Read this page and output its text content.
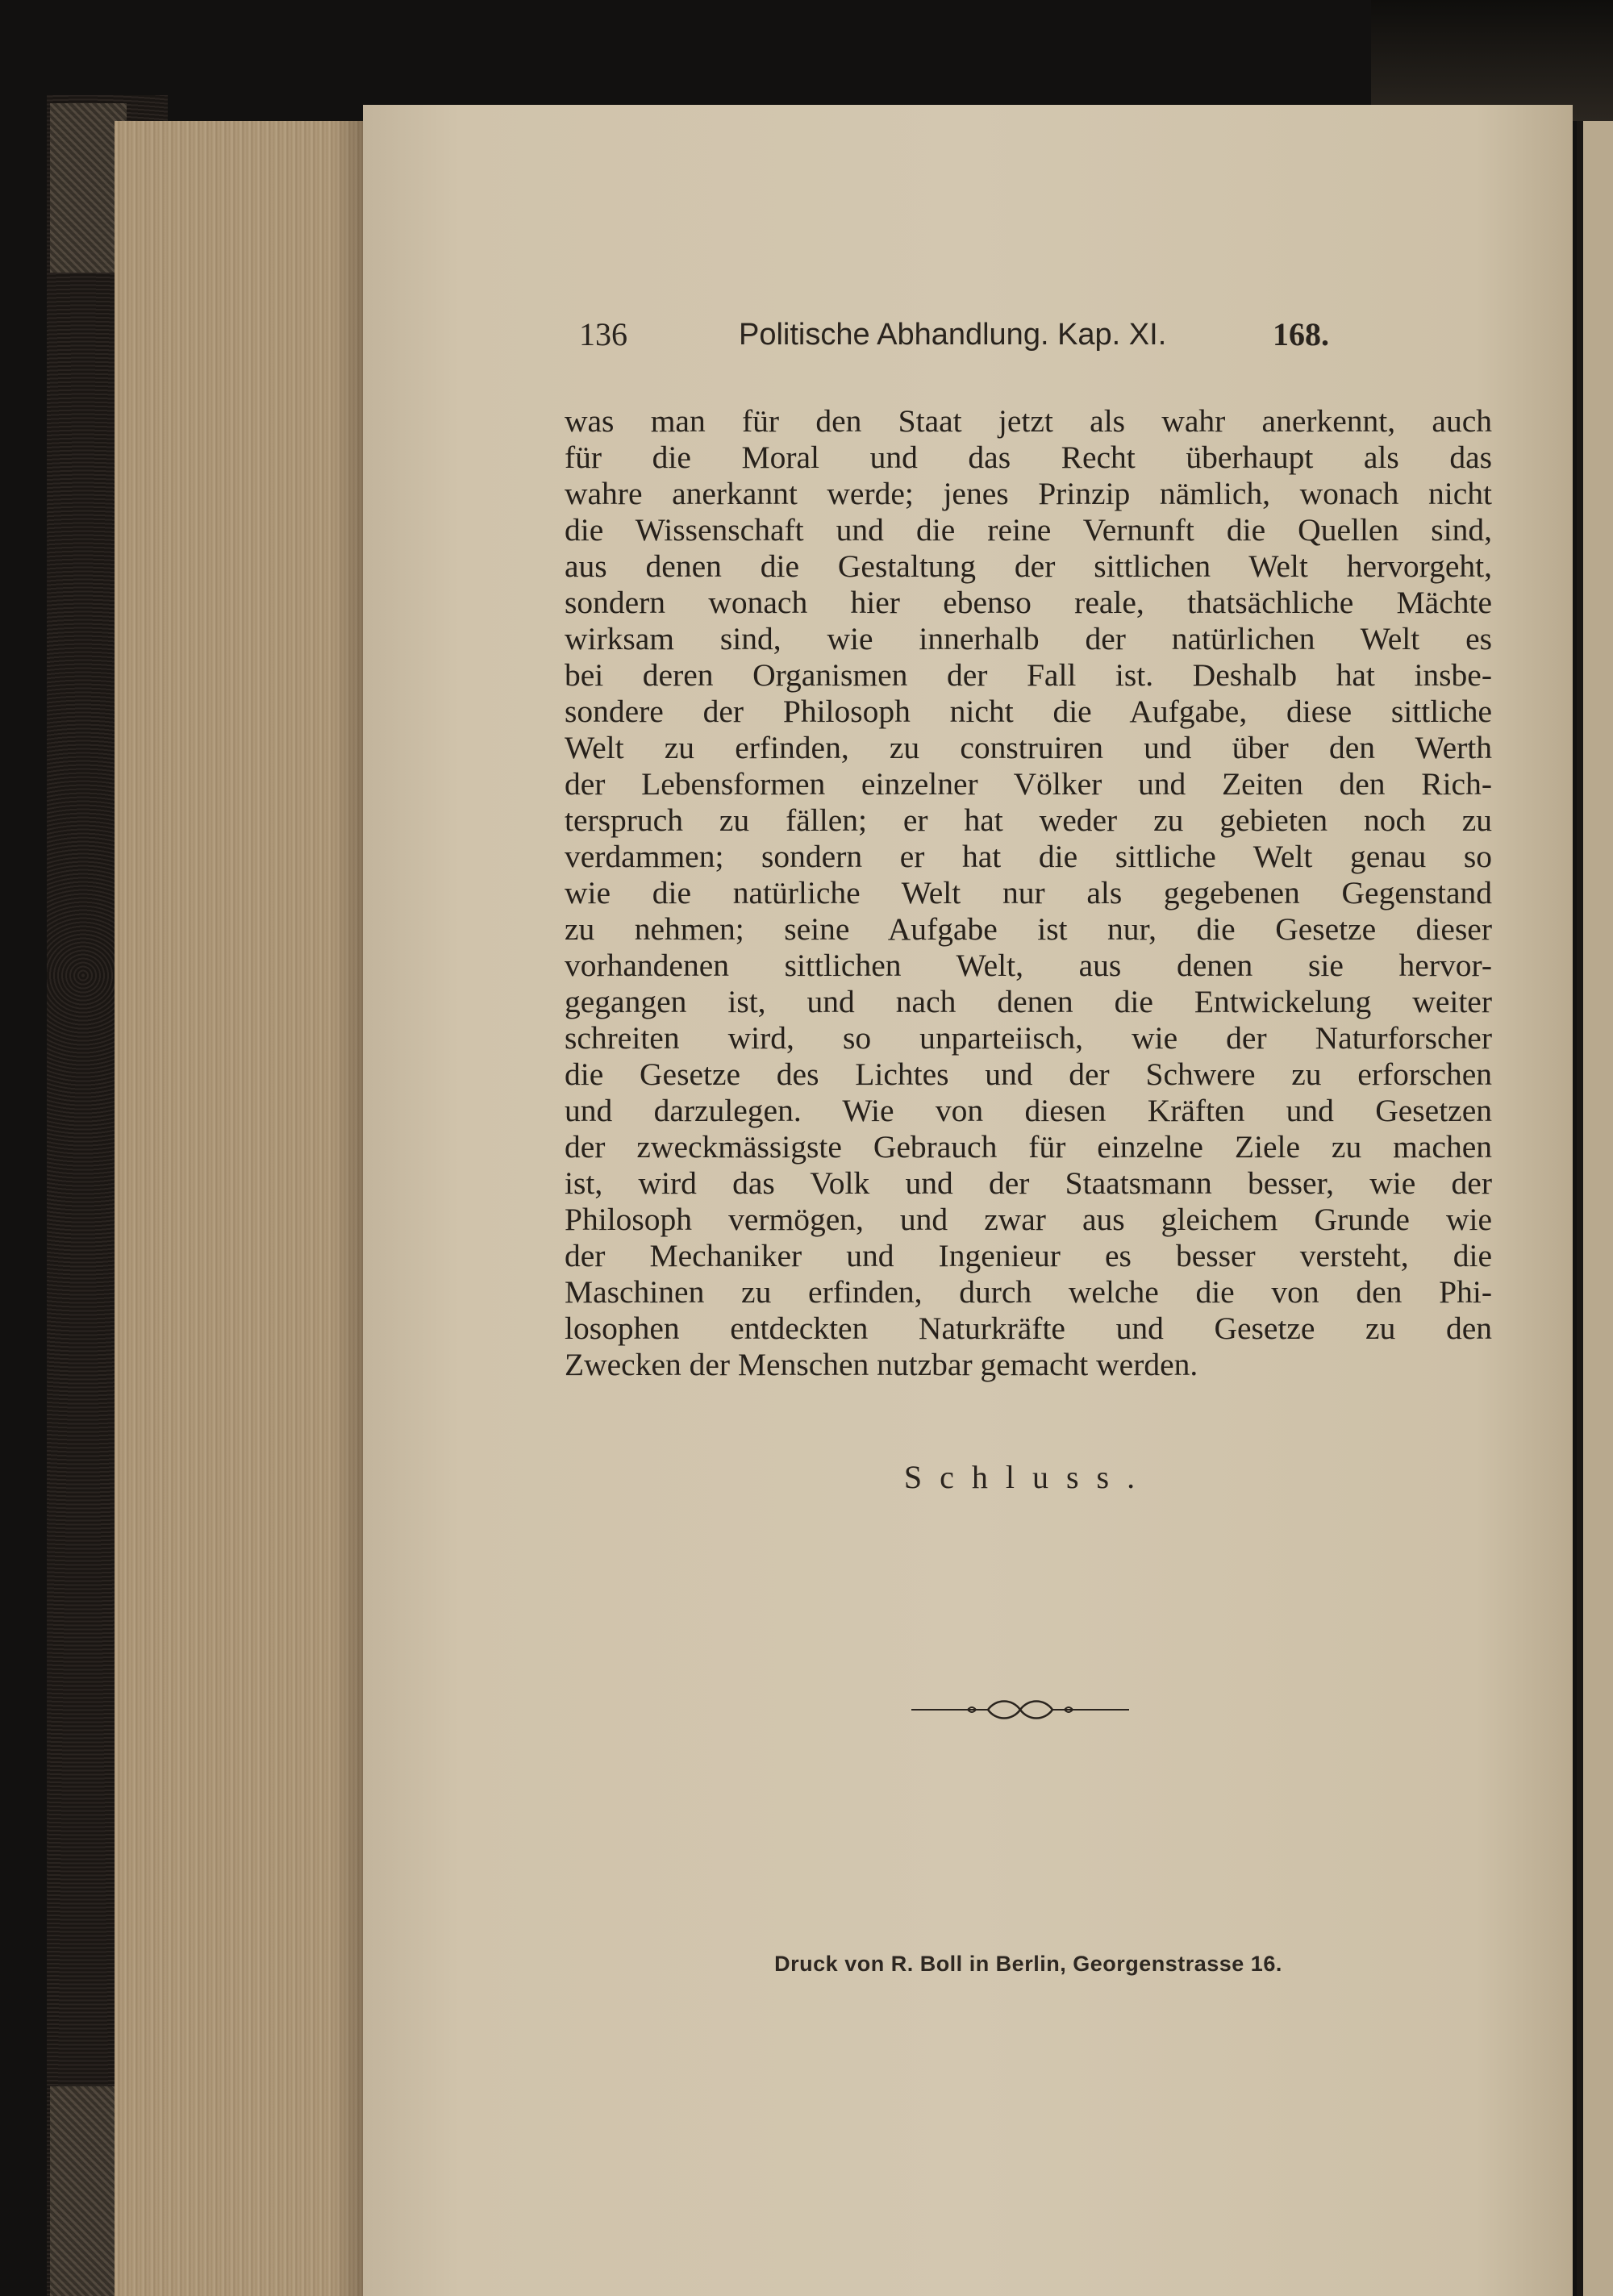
136	Politische Abhandlung. Kap. XI.	168.
was man für den Staat jetzt als wahr anerkennt, auch
für die Moral und das Recht überhaupt als das
wahre anerkannt werde; jenes Prinzip nämlich, wonach nicht
die Wissenschaft und die reine Vernunft die Quellen sind,
aus denen die Gestaltung der sittlichen Welt hervorgeht,
sondern wonach hier ebenso reale, thatsächliche Mächte
wirksam sind, wie innerhalb der natürlichen Welt es
bei deren Organismen der Fall ist. Deshalb hat insbe-
sondere der Philosoph nicht die Aufgabe, diese sittliche
Welt zu erfinden, zu construiren und über den Werth
der Lebensformen einzelner Völker und Zeiten den Rich-
terspruch zu fällen; er hat weder zu gebieten noch zu
verdammen; sondern er hat die sittliche Welt genau so
wie die natürliche Welt nur als gegebenen Gegenstand
zu nehmen; seine Aufgabe ist nur, die Gesetze dieser
vorhandenen sittlichen Welt, aus denen sie hervor-
gegangen ist, und nach denen die Entwickelung weiter
schreiten wird, so unparteiisch, wie der Naturforscher
die Gesetze des Lichtes und der Schwere zu erforschen
und darzulegen. Wie von diesen Kräften und Gesetzen
der zweckmässigste Gebrauch für einzelne Ziele zu machen
ist, wird das Volk und der Staatsmann besser, wie der
Philosoph vermögen, und zwar aus gleichem Grunde wie
der Mechaniker und Ingenieur es besser versteht, die
Maschinen zu erfinden, durch welche die von den Phi-
losophen entdeckten Naturkräfte und Gesetze zu den
Zwecken der Menschen nutzbar gemacht werden.
Schluss.
Druck von R. Boll in Berlin, Georgenstrasse 16.
